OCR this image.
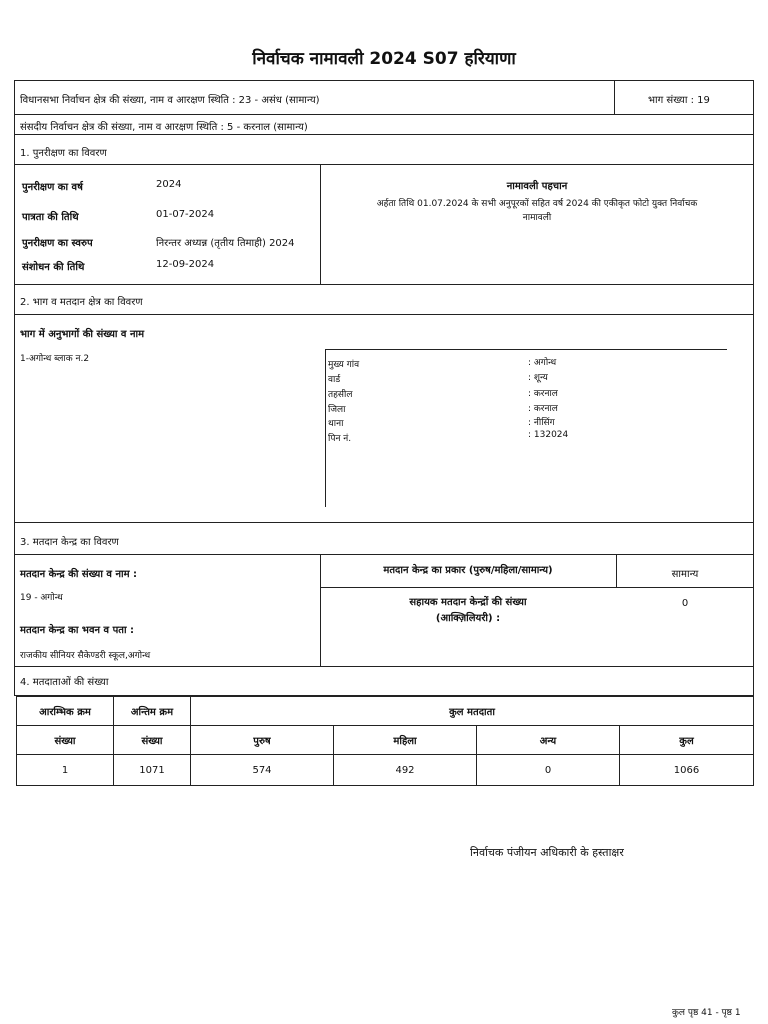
निर्वाचक नामावली 2024 S07 हरियाणा
विधानसभा निर्वाचन क्षेत्र की संख्या, नाम व आरक्षण स्थिति : 23 - असंध (सामान्य)	भाग संख्या : 19
संसदीय निर्वाचन क्षेत्र की संख्या, नाम व आरक्षण स्थिति : 5 - करनाल (सामान्य)
1. पुनरीक्षण का विवरण
पुनरीक्षण का वर्ष	2024
पात्रता की तिथि	01-07-2024
पुनरीक्षण का स्वरुप	निरन्तर अध्यन्न (तृतीय तिमाही) 2024
संशोधन की तिथि	12-09-2024
नामावली पहचान
अर्हता तिथि 01.07.2024 के सभी अनुपूरकों सहित वर्ष 2024 की एकीकृत फोटो युक्त निर्वाचक
नामावली
2. भाग व मतदान क्षेत्र का विवरण
भाग में अनुभागों की संख्या व नाम
1-अगोन्ध ब्लाक न.2
मुख्य गांव	: अगोन्ध
वार्ड	: शून्य
तहसील	: करनाल
जिला	: करनाल
थाना	: नीसिंग
पिन नं.	: 132024
3. मतदान केन्द्र का विवरण
मतदान केन्द्र की संख्या व नाम :
19 - अगोन्ध
मतदान केन्द्र का भवन व पता :
राजकीय सीनियर सैकेण्डरी स्कूल,अगोन्ध
मतदान केन्द्र का प्रकार (पुरुष/महिला/सामान्य)	सामान्य
सहायक मतदान केन्द्रों की संख्या
(आक्ज़िलियरी) :
0
4. मतदाताओं की संख्या
आरम्भिक क्रम	अन्तिम क्रम	कुल मतदाता			
संख्या	संख्या	पुरुष	महिला	अन्य	कुल
1	1071	574	492	0	1066
निर्वाचक पंजीयन अधिकारी के हस्ताक्षर
कुल पृष्ठ 41 - पृष्ठ 1
